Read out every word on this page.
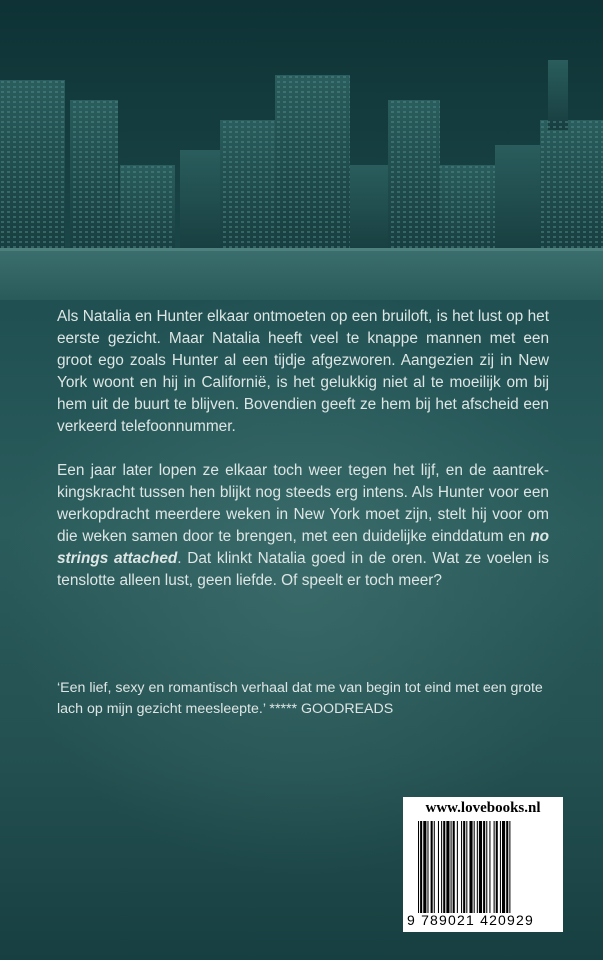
Als Natalia en Hunter elkaar ontmoeten op een bruiloft, is het lust op het eerste gezicht. Maar Natalia heeft veel te knappe mannen met een groot ego zoals Hunter al een tijdje afgezworen. Aangezien zij in New York woont en hij in Californië, is het gelukkig niet al te moeilijk om bij hem uit de buurt te blijven. Bovendien geeft ze hem bij het afscheid een verkeerd telefoonnummer.

Een jaar later lopen ze elkaar toch weer tegen het lijf, en de aantrekkingskracht tussen hen blijkt nog steeds erg intens. Als Hunter voor een werkopdracht meerdere weken in New York moet zijn, stelt hij voor om die weken samen door te brengen, met een duidelijke einddatum en no strings attached. Dat klinkt Natalia goed in de oren. Wat ze voelen is tenslotte alleen lust, geen liefde. Of speelt er toch meer?

‘Een lief, sexy en romantisch verhaal dat me van begin tot eind met een grote lach op mijn gezicht meesleepte.’ ***** GOODREADS
www.lovebooks.nl
9 789021 420929
